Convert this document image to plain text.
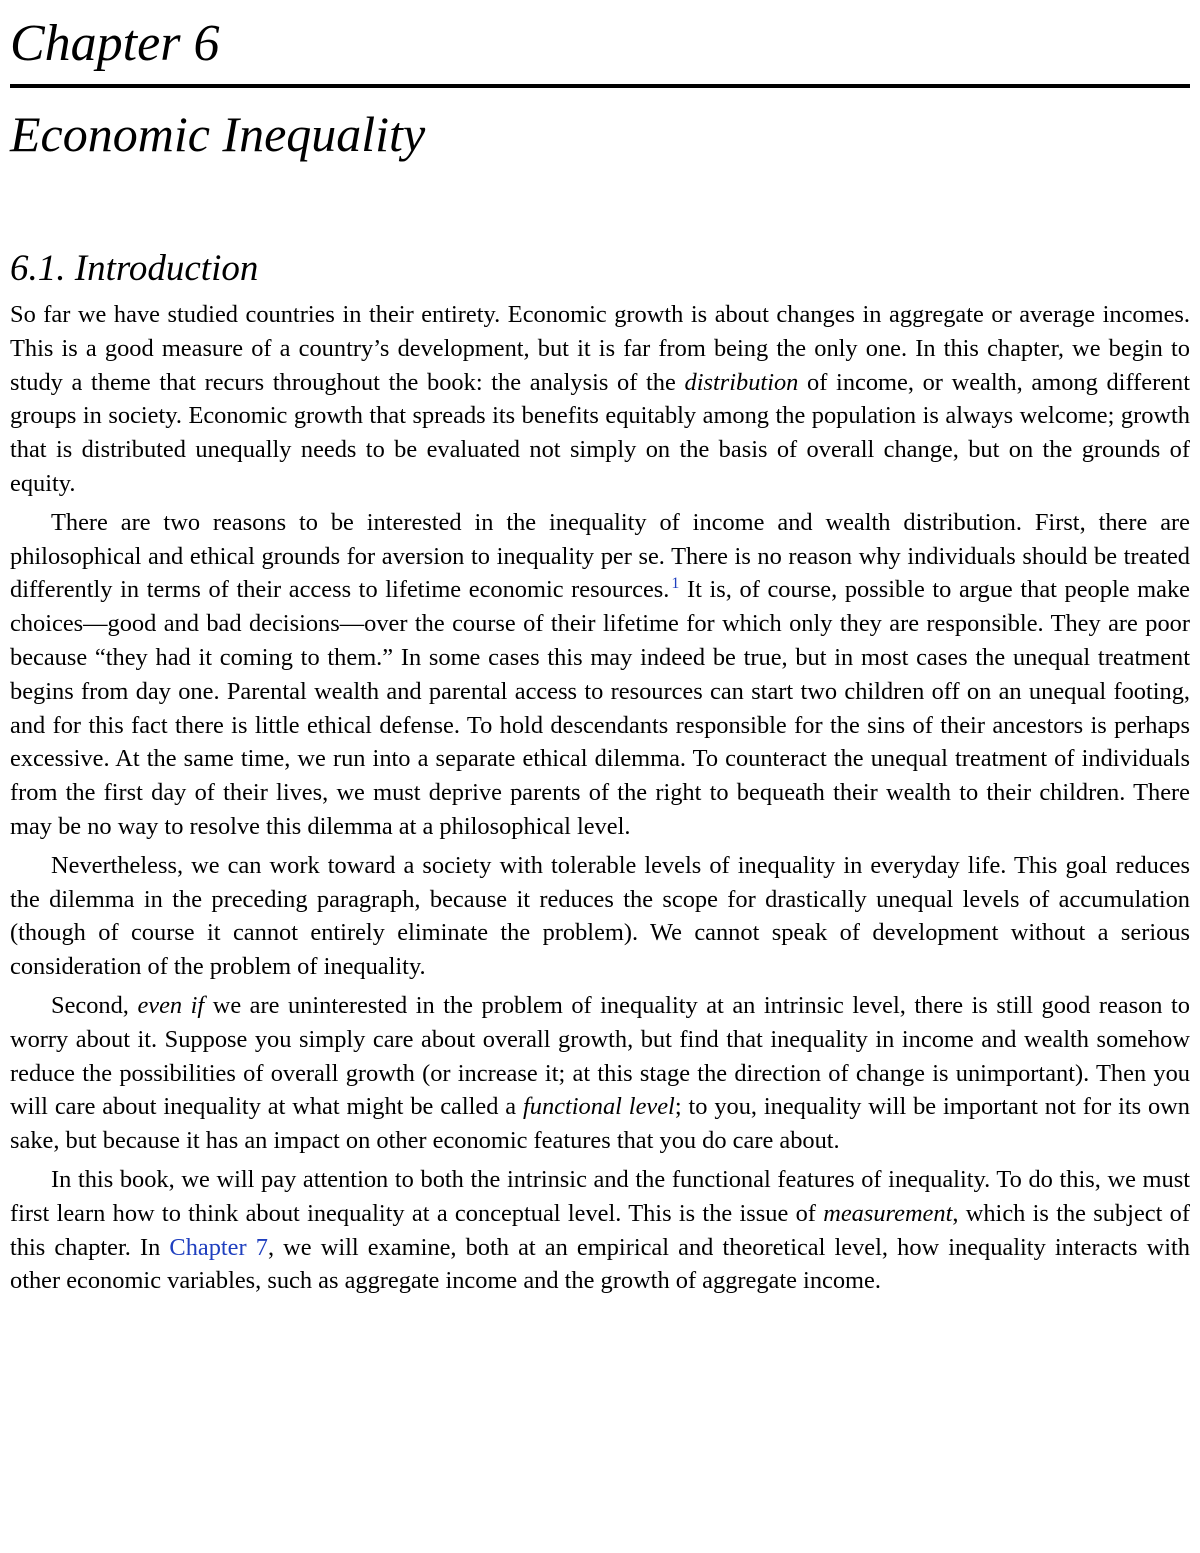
Chapter 6
Economic Inequality
6.1. Introduction

So far we have studied countries in their entirety. Economic growth is about changes in aggregate or average incomes. This is a good measure of a country’s development, but it is far from being the only one. In this chapter, we begin to study a theme that recurs throughout the book: the analysis of the distribution of income, or wealth, among different groups in society. Economic growth that spreads its benefits equitably among the population is always welcome; growth that is distributed unequally needs to be evaluated not simply on the basis of overall change, but on the grounds of equity.

There are two reasons to be interested in the inequality of income and wealth distribution. First, there are philosophical and ethical grounds for aversion to inequality per se. There is no reason why individuals should be treated differently in terms of their access to lifetime economic resources. $^1$ It is, of course, possible to argue that people make choices—good and bad decisions—over the course of their lifetime for which only they are responsible. They are poor because “they had it coming to them.” In some cases this may indeed be true, but in most cases the unequal treatment begins from day one. Parental wealth and parental access to resources can start two children off on an unequal footing, and for this fact there is little ethical defense. To hold descendants responsible for the sins of their ancestors is perhaps excessive. At the same time, we run into a separate ethical dilemma. To counteract the unequal treatment of individuals from the first day of their lives, we must deprive parents of the right to bequeath their wealth to their children. There may be no way to resolve this dilemma at a philosophical level.

Nevertheless, we can work toward a society with tolerable levels of inequality in everyday life. This goal reduces the dilemma in the preceding paragraph, because it reduces the scope for drastically unequal levels of accumulation (though of course it cannot entirely eliminate the problem). We cannot speak of development without a serious consideration of the problem of inequality.

Second, even if we are uninterested in the problem of inequality at an intrinsic level, there is still good reason to worry about it. Suppose you simply care about overall growth, but find that inequality in income and wealth somehow reduce the possibilities of overall growth (or increase it; at this stage the direction of change is unimportant). Then you will care about inequality at what might be called a functional level; to you, inequality will be important not for its own sake, but because it has an impact on other economic features that you do care about.

In this book, we will pay attention to both the intrinsic and the functional features of inequality. To do this, we must first learn how to think about inequality at a conceptual level. This is the issue of measurement, which is the subject of this chapter. In Chapter 7, we will examine, both at an empirical and theoretical level, how inequality interacts with other economic variables, such as aggregate income and the growth of aggregate income.
